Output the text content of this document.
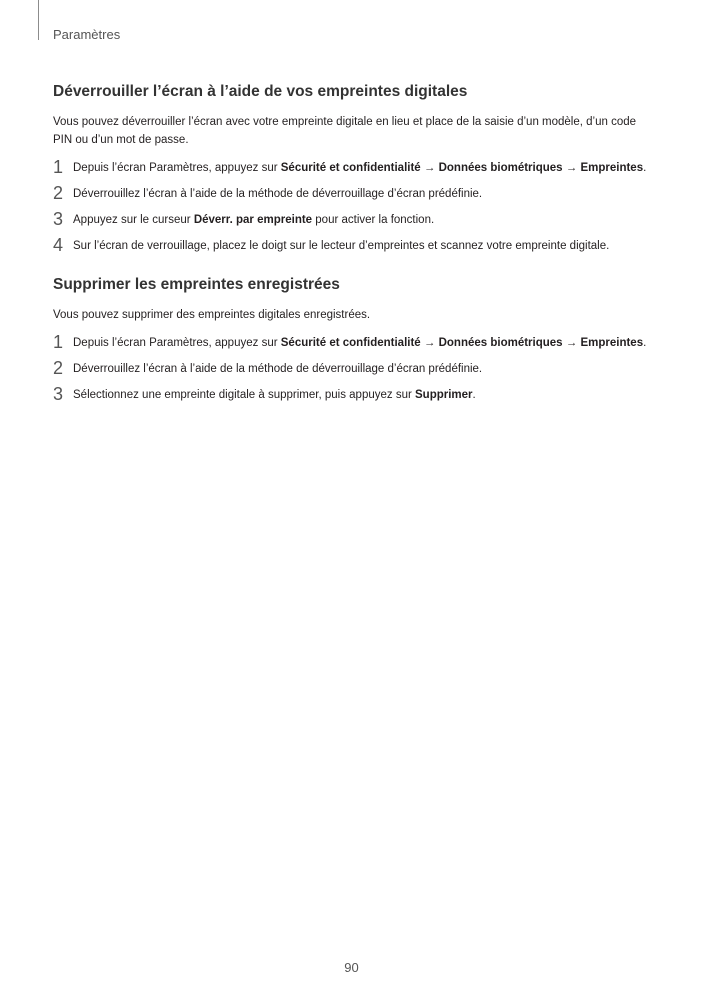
Paramètres
Déverrouiller l’écran à l’aide de vos empreintes digitales

Vous pouvez déverrouiller l’écran avec votre empreinte digitale en lieu et place de la saisie d’un modèle, d’un code PIN ou d’un mot de passe.

1 Depuis l’écran Paramètres, appuyez sur Sécurité et confidentialité → Données biométriques → Empreintes.
2 Déverrouillez l’écran à l’aide de la méthode de déverrouillage d’écran prédéfinie.
3 Appuyez sur le curseur Déverr. par empreinte pour activer la fonction.
4 Sur l’écran de verrouillage, placez le doigt sur le lecteur d’empreintes et scannez votre empreinte digitale.
Supprimer les empreintes enregistrées

Vous pouvez supprimer des empreintes digitales enregistrées.

1 Depuis l’écran Paramètres, appuyez sur Sécurité et confidentialité → Données biométriques → Empreintes.
2 Déverrouillez l’écran à l’aide de la méthode de déverrouillage d’écran prédéfinie.
3 Sélectionnez une empreinte digitale à supprimer, puis appuyez sur Supprimer.
90
